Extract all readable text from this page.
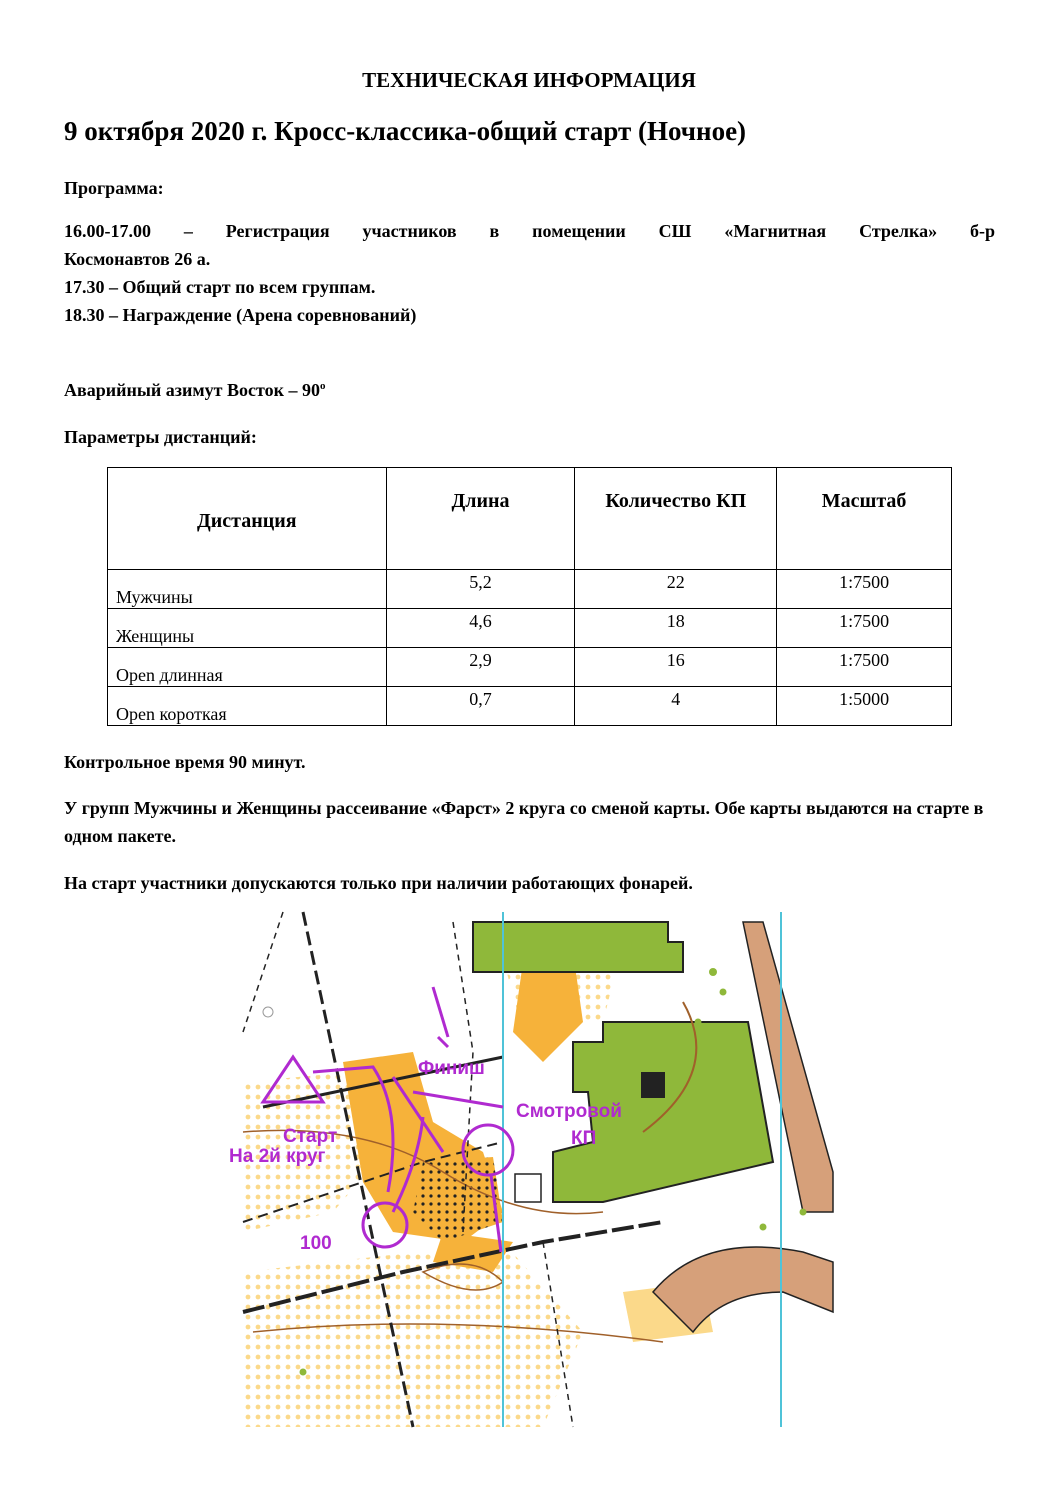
ТЕХНИЧЕСКАЯ ИНФОРМАЦИЯ
9 октября 2020 г. Кросс-классика-общий старт (Ночное)
Программа:
16.00-17.00 – Регистрация участников в помещении СШ «Магнитная Стрелка» б-р
Космонавтов 26 а.
17.30 – Общий старт по всем группам.
18.30 – Награждение (Арена соревнований)
Аварийный азимут Восток – $90^о$
Параметры дистанций:
Дистанция	Длина	Количество КП	Масштаб
Мужчины	5,2	22	1:7500
Женщины	4,6	18	1:7500
Open длинная	2,9	16	1:7500
Open короткая	0,7	4	1:5000
Контрольное время 90 минут.
У групп Мужчины и Женщины рассеивание «Фарст» 2 круга со сменой карты. Обе карты выдаются на старте в одном пакете.
На старт участники допускаются только при наличии работающих фонарей.
Финиш
Старт
На 2й круг
Смотровой
КП
100
